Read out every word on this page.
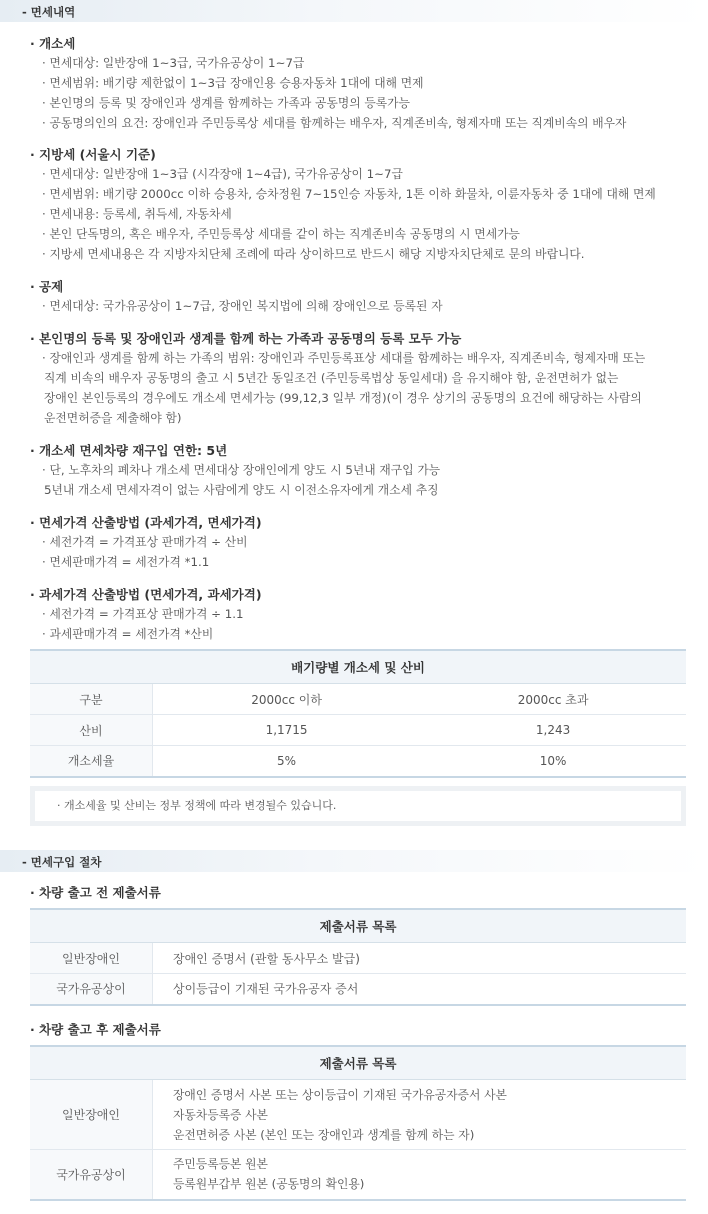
- 면세내역
· 개소세
· 면세대상: 일반장애 1~3급, 국가유공상이 1~7급
· 면세범위: 배기량 제한없이 1~3급 장애인용 승용자동차 1대에 대해 면제
· 본인명의 등록 및 장애인과 생계를 함께하는 가족과 공동명의 등록가능
· 공동명의인의 요건: 장애인과 주민등록상 세대를 함께하는 배우자, 직계존비속, 형제자매 또는 직계비속의 배우자
· 지방세 (서울시 기준)
· 면세대상: 일반장애 1~3급 (시각장애 1~4급), 국가유공상이 1~7급
· 면세범위: 배기량 2000cc 이하 승용차, 승차정원 7~15인승 자동차, 1톤 이하 화물차, 이륜자동차 중 1대에 대해 면제
· 면세내용: 등록세, 취득세, 자동차세
· 본인 단독명의, 혹은 배우자, 주민등록상 세대를 같이 하는 직계존비속 공동명의 시 면세가능
· 지방세 면세내용은 각 지방자치단체 조례에 따라 상이하므로 반드시 해당 지방자치단체로 문의 바랍니다.
· 공제
· 면세대상: 국가유공상이 1~7급, 장애인 복지법에 의해 장애인으로 등록된 자
· 본인명의 등록 및 장애인과 생계를 함께 하는 가족과 공동명의 등록 모두 가능
· 장애인과 생계를 함께 하는 가족의 범위: 장애인과 주민등록표상 세대를 함께하는 배우자, 직계존비속, 형제자매 또는
직계 비속의 배우자 공동명의 출고 시 5년간 동일조건 (주민등록법상 동일세대) 을 유지해야 함, 운전면허가 없는
장애인 본인등록의 경우에도 개소세 면세가능 (99,12,3 일부 개정)(이 경우 상기의 공동명의 요건에 해당하는 사람의
운전면허증을 제출해야 함)
· 개소세 면세차량 재구입 연한: 5년
· 단, 노후차의 폐차나 개소세 면세대상 장애인에게 양도 시 5년내 재구입 가능
5년내 개소세 면세자격이 없는 사람에게 양도 시 이전소유자에게 개소세 추징
· 면세가격 산출방법 (과세가격, 면세가격)
· 세전가격 = 가격표상 판매가격 ÷ 산비
· 면세판매가격 = 세전가격 *1.1
· 과세가격 산출방법 (면세가격, 과세가격)
· 세전가격 = 가격표상 판매가격 ÷ 1.1
· 과세판매가격 = 세전가격 *산비
배기량별 개소세 및 산비		
구분	2000cc 이하	2000cc 초과
산비	1,1715	1,243
개소세율	5%	10%
· 개소세율 및 산비는 정부 정책에 따라 변경될수 있습니다.
- 면세구입 절차
· 차량 출고 전 제출서류
제출서류 목록	
일반장애인	장애인 증명서 (관할 동사무소 발급)
국가유공상이	상이등급이 기재된 국가유공자 증서
· 차량 출고 후 제출서류
제출서류 목록	
일반장애인	장애인 증명서 사본 또는 상이등급이 기재된 국가유공자증서 사본
자동차등록증 사본
운전면허증 사본 (본인 또는 장애인과 생계를 함께 하는 자)

국가유공상이	주민등록등본 원본
등록원부갑부 원본 (공동명의 확인용)
